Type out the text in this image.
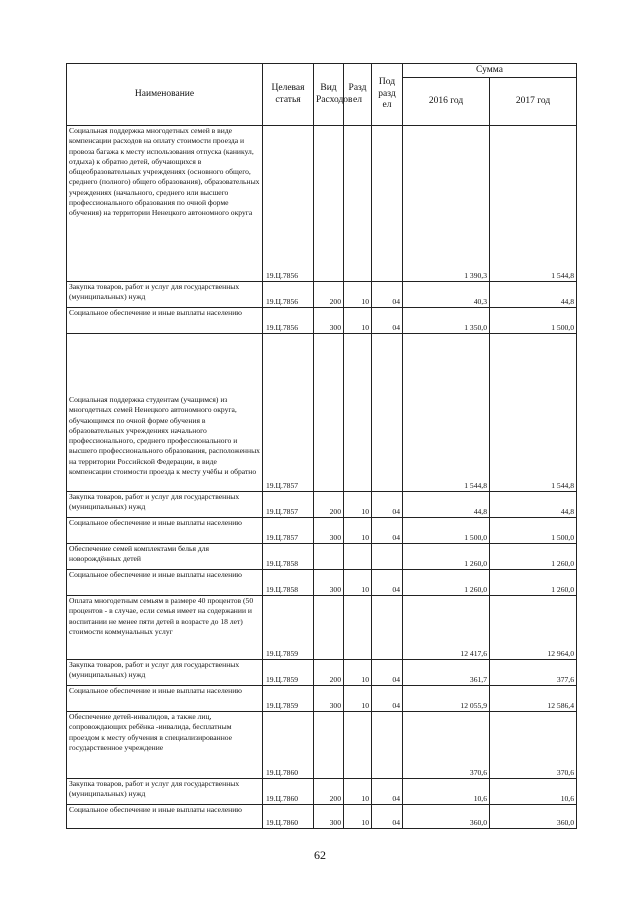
Наименование	Целевая статья	Вид Расходов	Разд ел	Под разд ел	Сумма	
					2016 год	2017 год
Социальная поддержка многодетных семей в виде компенсации расходов на оплату стоимости проезда и провоза багажа к месту использования отпуска (каникул, отдыха) к обратно детей, обучающихся в общеобразовательных учреждениях (основного общего, среднего (полного) общего образования), образовательных учреждениях (начального, среднего или высшего профессионального образования по очной форме обучения) на территории Ненецкого автономного округа	19.Ц.7856				1 390,3	1 544,8
Закупка товаров, работ и услуг для государственных (муниципальных) нужд	19.Ц.7856	200	10	04	40,3	44,8
Социальное обеспечение и иные выплаты населению	19.Ц.7856	300	10	04	1 350,0	1 500,0
Социальная поддержка студентам (учащимся) из многодетных семей Ненецкого автономного округа, обучающимся по очной форме обучения в образовательных учреждениях начального профессионального, среднего профессионального и высшего профессионального образования, расположенных на территории Российской Федерации, в виде компенсации стоимости проезда к месту учёбы и обратно	19.Ц.7857				1 544,8	1 544,8
Закупка товаров, работ и услуг для государственных (муниципальных) нужд	19.Ц.7857	200	10	04	44,8	44,8
Социальное обеспечение и иные выплаты населению	19.Ц.7857	300	10	04	1 500,0	1 500,0
Обеспечение семей комплектами белья для новорождённых детей	19.Ц.7858				1 260,0	1 260,0
Социальное обеспечение и иные выплаты населению	19.Ц.7858	300	10	04	1 260,0	1 260,0
Оплата многодетным семьям в размере 40 процентов (50 процентов - в случае, если семья имеет на содержании и воспитании не менее пяти детей в возрасте до 18 лет) стоимости коммунальных услуг	19.Ц.7859				12 417,6	12 964,0
Закупка товаров, работ и услуг для государственных (муниципальных) нужд	19.Ц.7859	200	10	04	361,7	377,6
Социальное обеспечение и иные выплаты населению	19.Ц.7859	300	10	04	12 055,9	12 586,4
Обеспечение детей-инвалидов, а также лиц, сопровождающих ребёнка -инвалида, бесплатным проездом к месту обучения в специализированное государственное учреждение	19.Ц.7860				370,6	370,6
Закупка товаров, работ и услуг для государственных (муниципальных) нужд	19.Ц.7860	200	10	04	10,6	10,6
Социальное обеспечение и иные выплаты населению	19.Ц.7860	300	10	04	360,0	360,0
62
